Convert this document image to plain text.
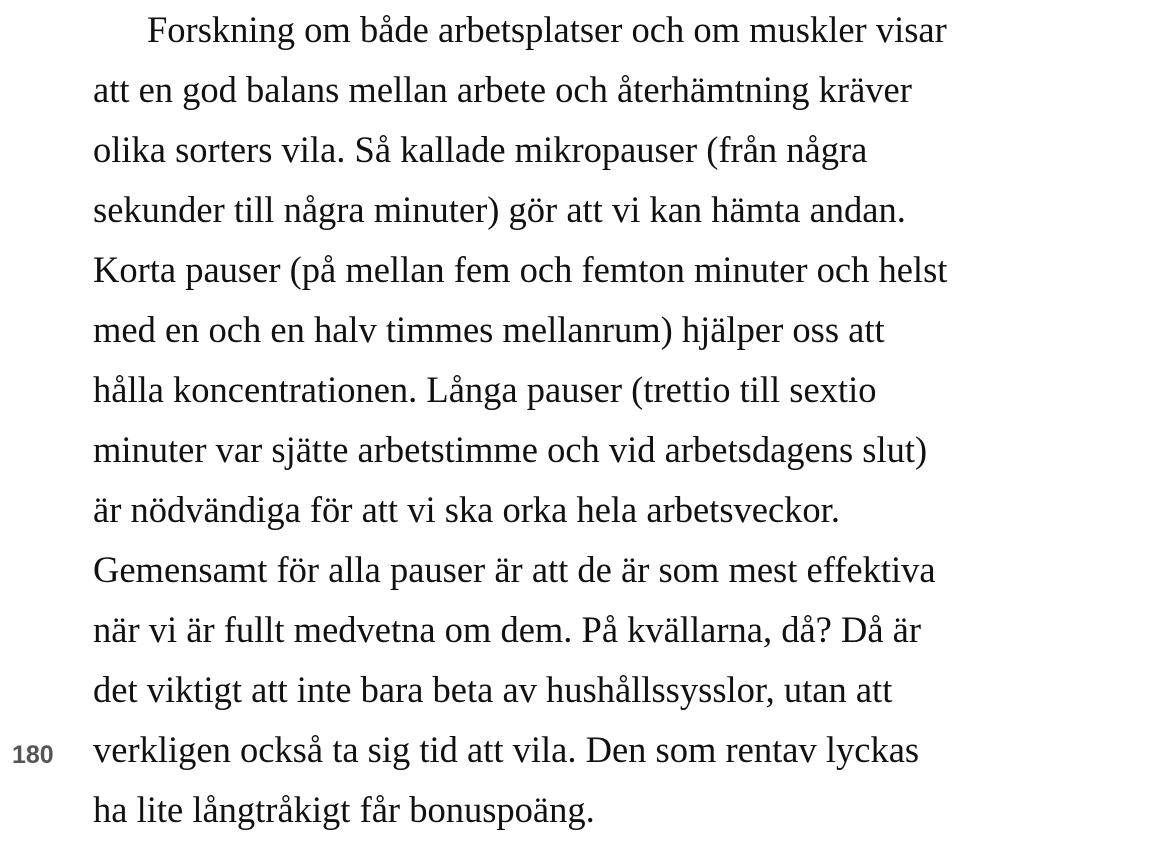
Forskning om både arbetsplatser och om muskler visar
att en god balans mellan arbete och återhämtning kräver
olika sorters vila. Så kallade mikropauser (från några
sekunder till några minuter) gör att vi kan hämta andan.
Korta pauser (på mellan fem och femton minuter och helst
med en och en halv timmes mellanrum) hjälper oss att
hålla koncentrationen. Långa pauser (trettio till sextio
minuter var sjätte arbetstimme och vid arbetsdagens slut)
är nödvändiga för att vi ska orka hela arbetsveckor.
Gemensamt för alla pauser är att de är som mest effektiva
när vi är fullt medvetna om dem. På kvällarna, då? Då är
det viktigt att inte bara beta av hushållssysslor, utan att
verkligen också ta sig tid att vila. Den som rentav lyckas
ha lite långtråkigt får bonuspoäng.
180
